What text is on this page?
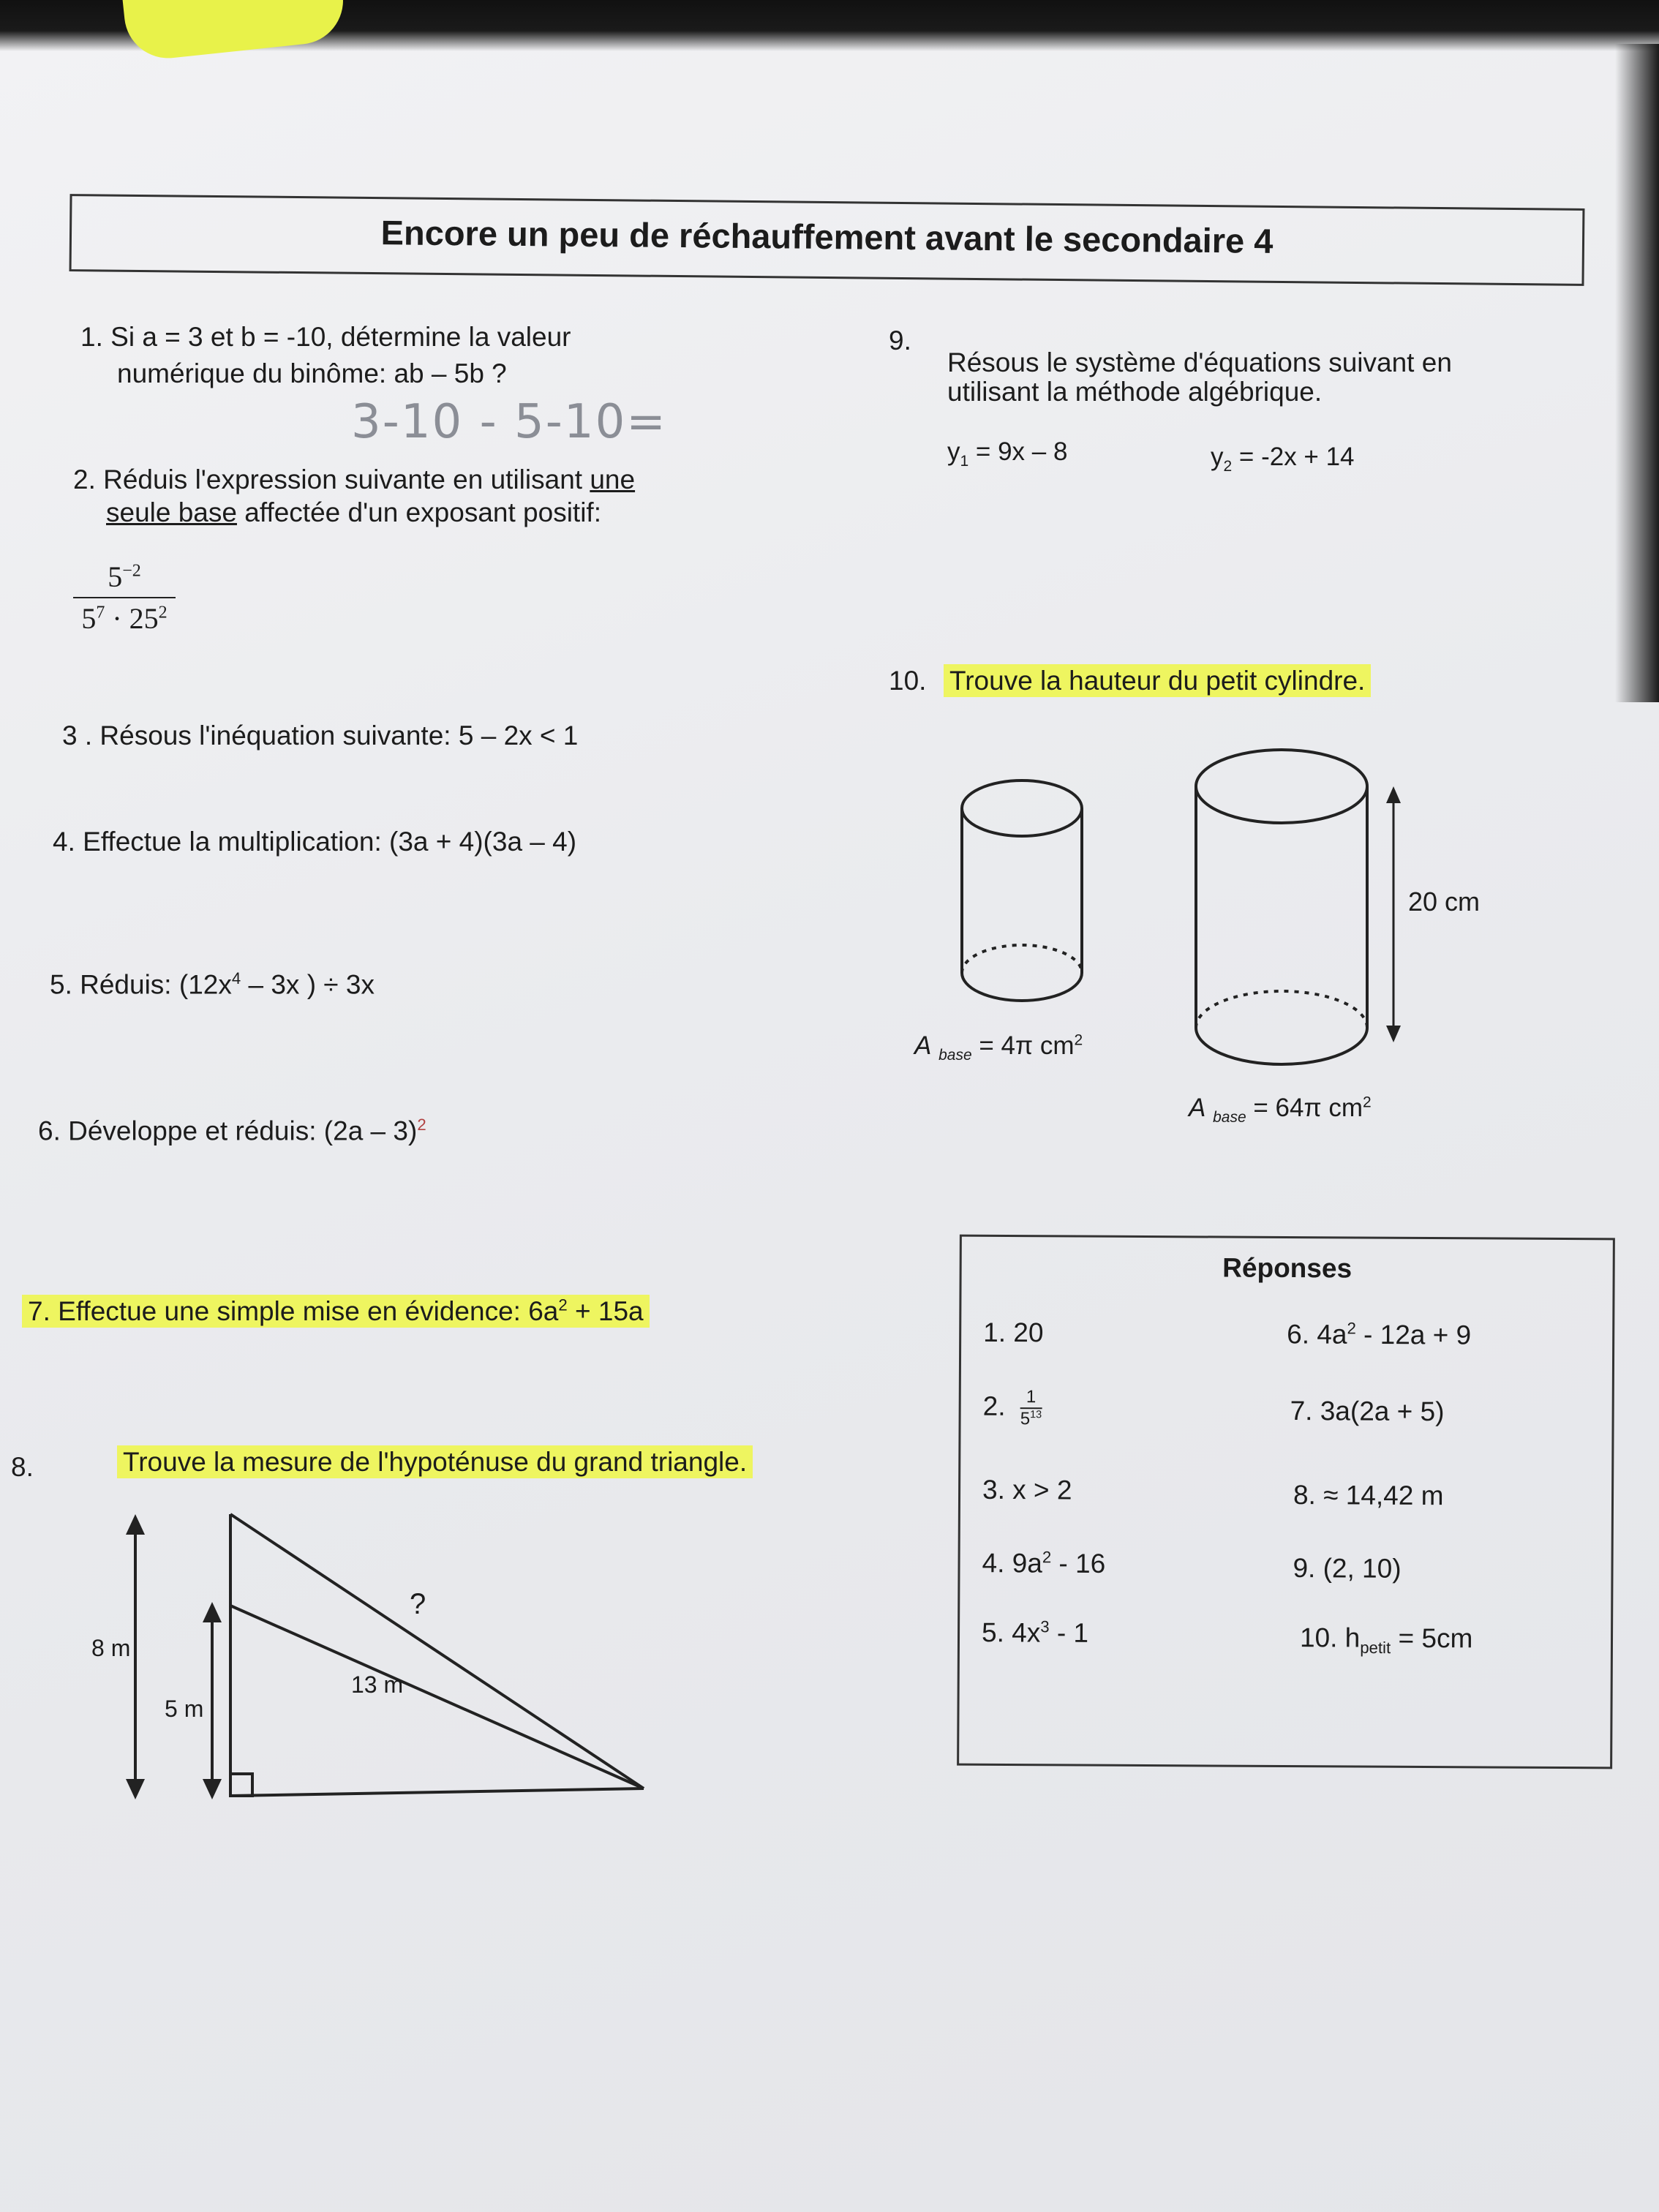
Encore un peu de réchauffement avant le secondaire 4
1. Si a = 3 et b = -10, détermine la valeur
numérique du binôme: ab – 5b ?
3-10 - 5-10=
2. Réduis l'expression suivante en utilisant une
seule base affectée d'un exposant positif:
$5^{-2}$
$5^7 \cdot 25^2$
3 . Résous l'inéquation suivante: 5 – 2x < 1
4. Effectue la multiplication: (3a + 4)(3a – 4)
5. Réduis: ($12x^4 - 3x$ ) ÷ 3x
6. Développe et réduis: (2a – 3)$^2$
7. Effectue une simple mise en évidence: $6a^2 + 15a$
8.	Trouve la mesure de l'hypoténuse du grand triangle.
8 m
5 m
13 m
?
9.
Résous le système d'équations suivant en
utilisant la méthode algébrique.
$y_1 = 9x - 8$	$y_2 = -2x + 14$
10. Trouve la hauteur du petit cylindre.
A $_{base}$ = 4π $cm^2$
A $_{base}$ = 64π $cm^2$
20 cm
Réponses
1. 20
2. $\frac{1}{5^{13}}$
3. x > 2
4. $9a^2 - 16$
5. $4x^3 - 1$
6. $4a^2 - 12a + 9$
7. 3a(2a + 5)
8. ≈ 14,42 m
9. (2, 10)
10. $h_{petit} = 5cm$
